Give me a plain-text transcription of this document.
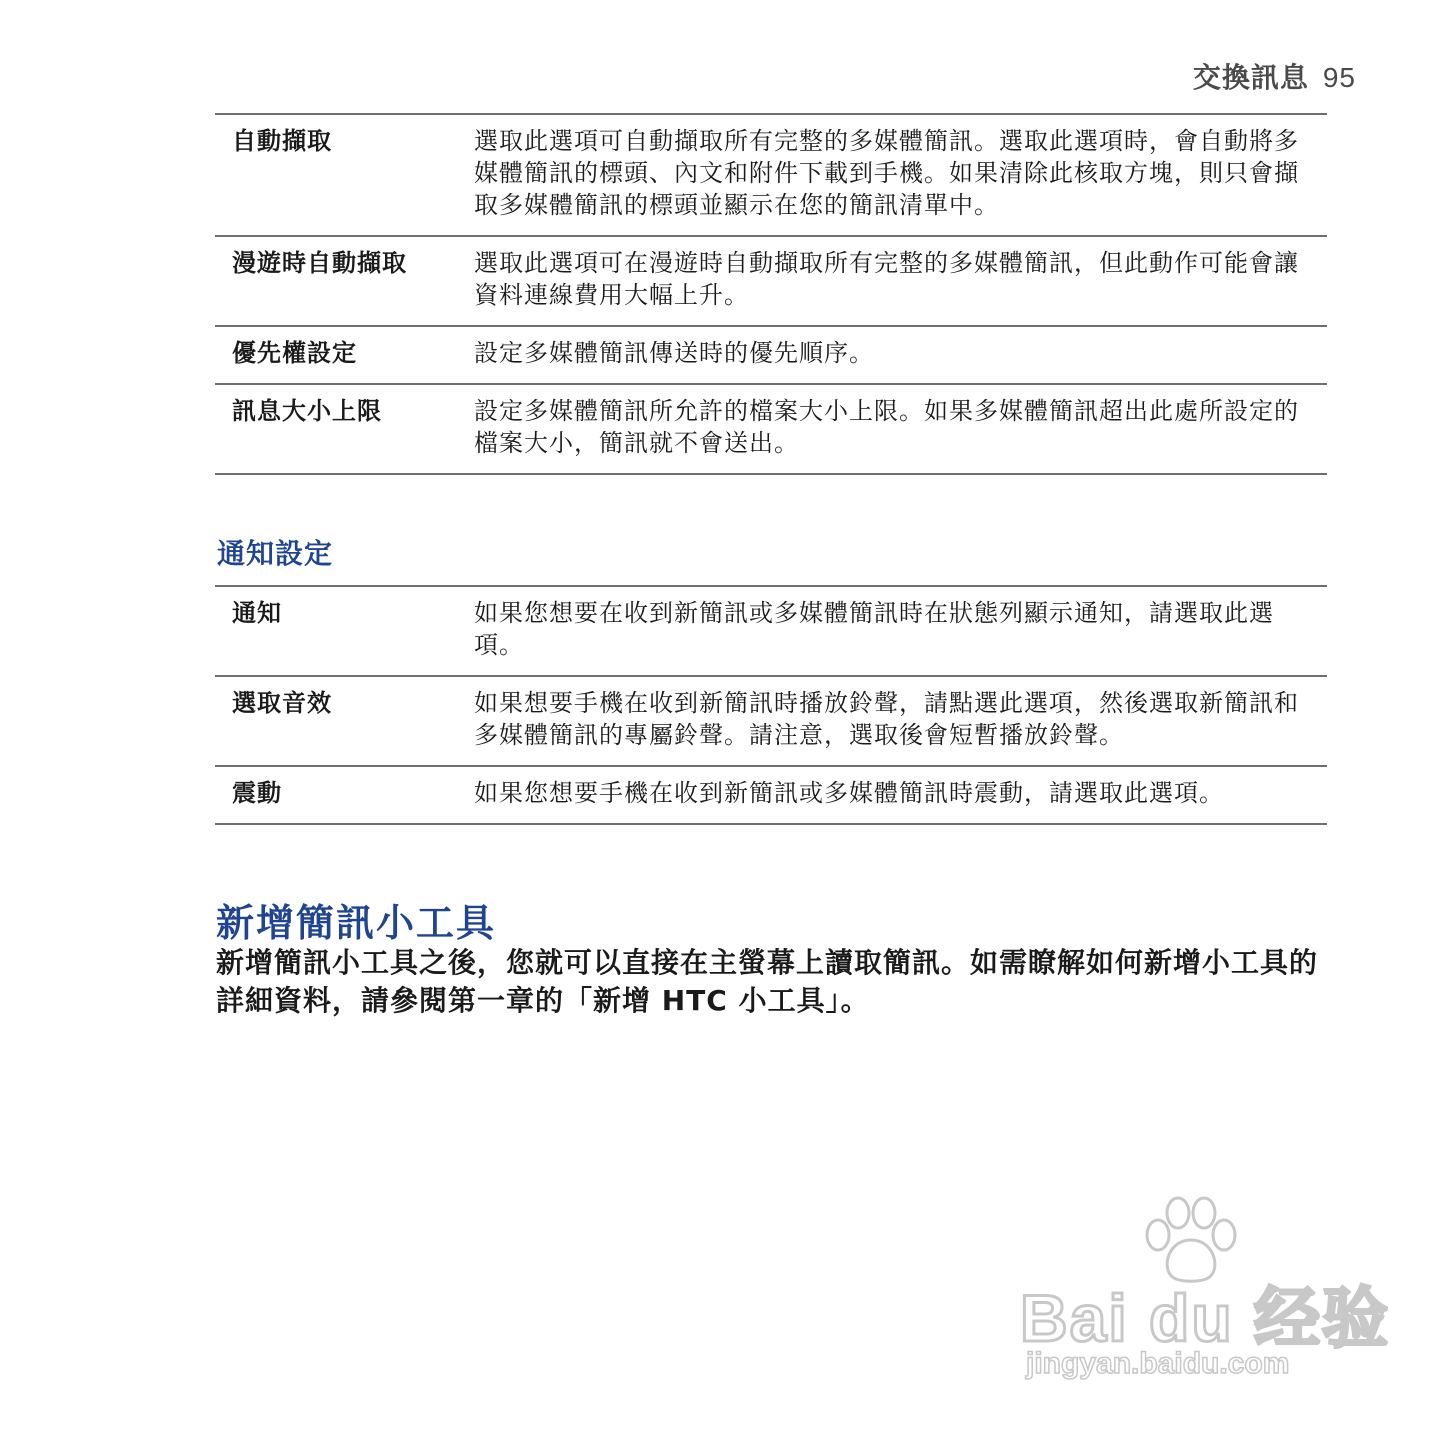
交換訊息 95
自動擷取	選取此選項可自動擷取所有完整的多媒體簡訊。選取此選項時，會自動將多媒體簡訊的標頭、內文和附件下載到手機。如果清除此核取方塊，則只會擷取多媒體簡訊的標頭並顯示在您的簡訊清單中。
漫遊時自動擷取	選取此選項可在漫遊時自動擷取所有完整的多媒體簡訊，但此動作可能會讓資料連線費用大幅上升。
優先權設定	設定多媒體簡訊傳送時的優先順序。
訊息大小上限	設定多媒體簡訊所允許的檔案大小上限。如果多媒體簡訊超出此處所設定的檔案大小，簡訊就不會送出。
通知設定
通知	如果您想要在收到新簡訊或多媒體簡訊時在狀態列顯示通知，請選取此選項。
選取音效	如果想要手機在收到新簡訊時播放鈴聲，請點選此選項，然後選取新簡訊和多媒體簡訊的專屬鈴聲。請注意，選取後會短暫播放鈴聲。
震動	如果您想要手機在收到新簡訊或多媒體簡訊時震動，請選取此選項。
新增簡訊小工具

新增簡訊小工具之後，您就可以直接在主螢幕上讀取簡訊。如需瞭解如何新增小工具的詳細資料，請參閱第一章的「新增 HTC 小工具」。

Bai du 经验
jingyan.baidu.com
